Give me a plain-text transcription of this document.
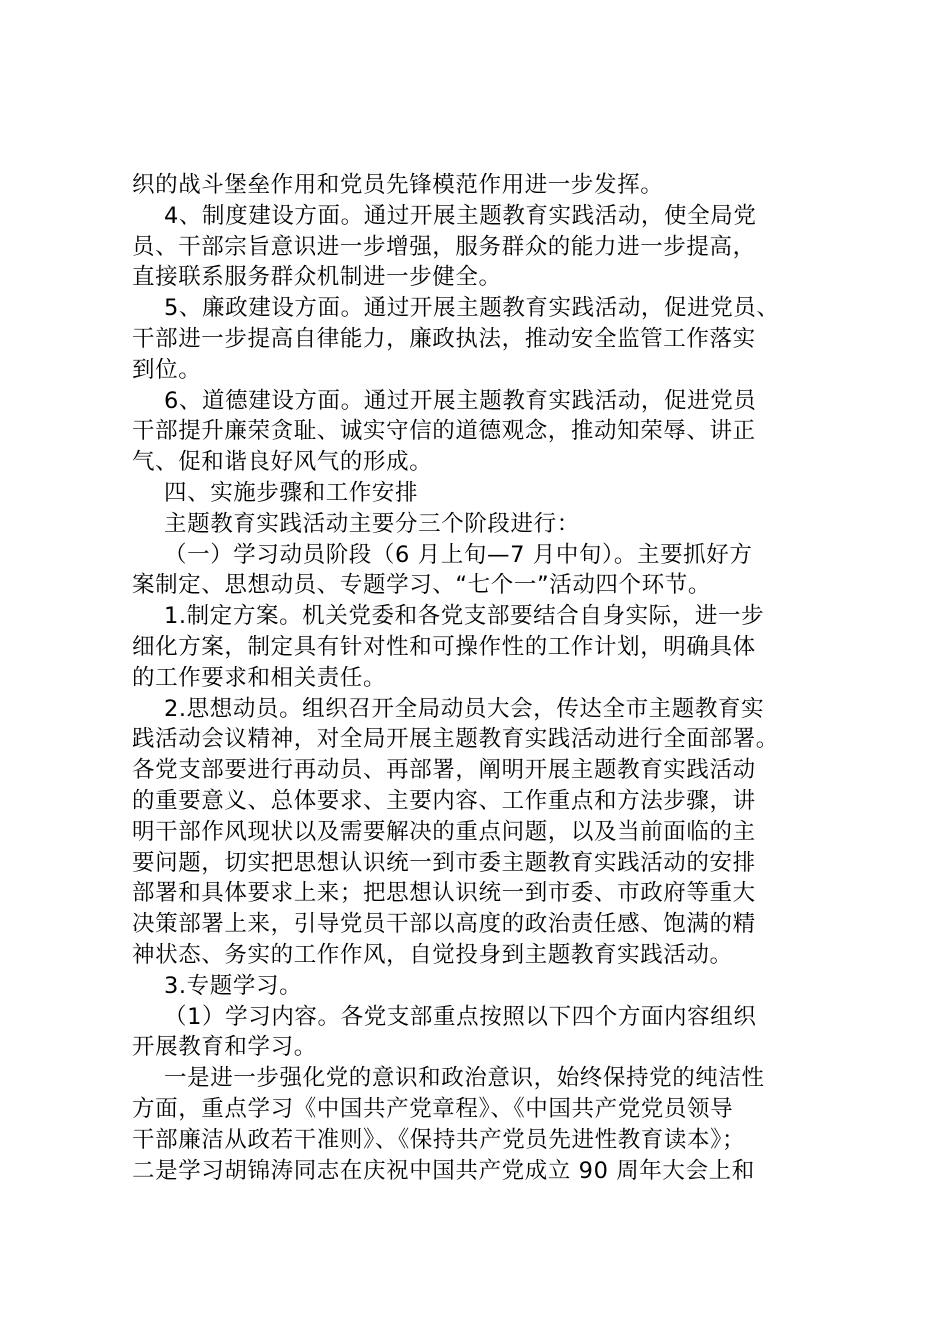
织的战斗堡垒作用和党员先锋模范作用进一步发挥。
4、制度建设方面。通过开展主题教育实践活动，使全局党
员、干部宗旨意识进一步增强，服务群众的能力进一步提高，
直接联系服务群众机制进一步健全。
5、廉政建设方面。通过开展主题教育实践活动，促进党员、
干部进一步提高自律能力，廉政执法，推动安全监管工作落实
到位。
6、道德建设方面。通过开展主题教育实践活动，促进党员
干部提升廉荣贪耻、诚实守信的道德观念，推动知荣辱、讲正
气、促和谐良好风气的形成。
四、实施步骤和工作安排
主题教育实践活动主要分三个阶段进行：
（一）学习动员阶段（6 月上旬—7 月中旬）。主要抓好方
案制定、思想动员、专题学习、“七个一”活动四个环节。
1.制定方案。机关党委和各党支部要结合自身实际，进一步
细化方案，制定具有针对性和可操作性的工作计划，明确具体
的工作要求和相关责任。
2.思想动员。组织召开全局动员大会，传达全市主题教育实
践活动会议精神，对全局开展主题教育实践活动进行全面部署。
各党支部要进行再动员、再部署，阐明开展主题教育实践活动
的重要意义、总体要求、主要内容、工作重点和方法步骤，讲
明干部作风现状以及需要解决的重点问题，以及当前面临的主
要问题，切实把思想认识统一到市委主题教育实践活动的安排
部署和具体要求上来；把思想认识统一到市委、市政府等重大
决策部署上来，引导党员干部以高度的政治责任感、饱满的精
神状态、务实的工作作风，自觉投身到主题教育实践活动。
3.专题学习。
（1）学习内容。各党支部重点按照以下四个方面内容组织
开展教育和学习。
一是进一步强化党的意识和政治意识，始终保持党的纯洁性
方面，重点学习《中国共产党章程》、《中国共产党党员领导
干部廉洁从政若干准则》、《保持共产党员先进性教育读本》；
二是学习胡锦涛同志在庆祝中国共产党成立 90 周年大会上和
